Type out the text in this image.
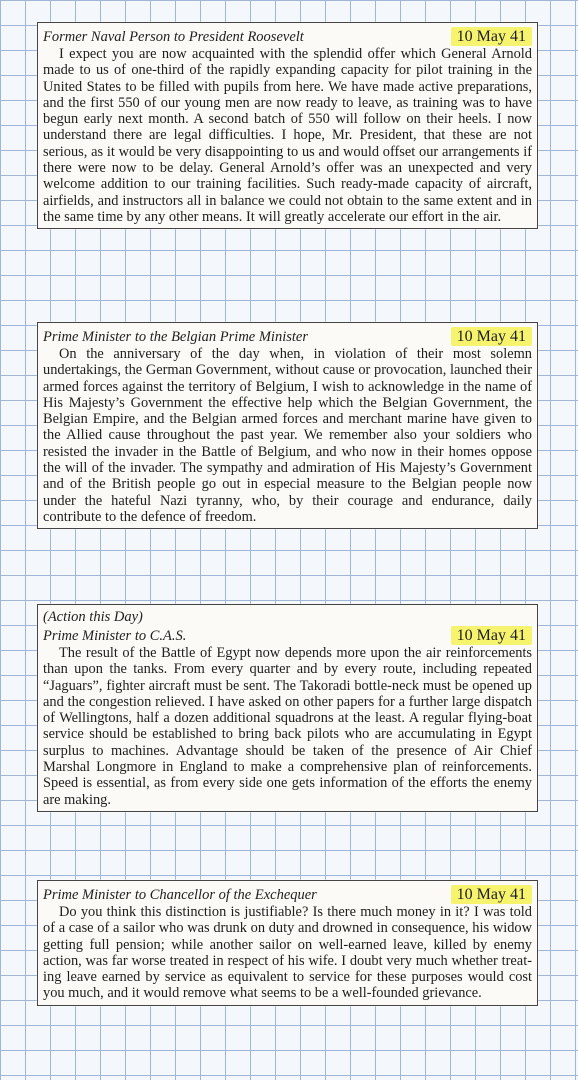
Former Naval Person to President Roosevelt	10 May 41

I expect you are now acquainted with the splendid offer which General Arnold made to us of one-third of the rapidly expanding capacity for pilot training in the United States to be filled with pupils from here. We have made active preparations, and the first 550 of our young men are now ready to leave, as training was to have begun early next month. A second batch of 550 will follow on their heels. I now understand there are legal difficulties. I hope, Mr. President, that these are not serious, as it would be very disappointing to us and would offset our arrangements if there were now to be delay. General Arnold’s offer was an unexpected and very welcome addition to our training facilities. Such ready-made capacity of aircraft, airfields, and instructors all in balance we could not obtain to the same extent and in the same time by any other means. It will greatly accelerate our effort in the air.

Prime Minister to the Belgian Prime Minister	10 May 41

On the anniversary of the day when, in violation of their most solemn undertakings, the German Government, without cause or provocation, launched their armed forces against the territory of Belgium, I wish to acknowledge in the name of His Majesty’s Government the effective help which the Belgian Government, the Belgian Empire, and the Belgian armed forces and merchant marine have given to the Allied cause throughout the past year. We remember also your soldiers who resisted the invader in the Battle of Belgium, and who now in their homes oppose the will of the invader. The sympathy and admiration of His Majesty’s Government and of the British people go out in especial measure to the Belgian people now under the hateful Nazi tyranny, who, by their courage and endurance, daily contribute to the defence of freedom.

(Action this Day)
Prime Minister to C.A.S.	10 May 41

The result of the Battle of Egypt now depends more upon the air reinforcements than upon the tanks. From every quarter and by every route, including repeated “Jaguars”, fighter aircraft must be sent. The Takoradi bottle-neck must be opened up and the congestion relieved. I have asked on other papers for a further large dispatch of Wellingtons, half a dozen additional squadrons at the least. A regular flying-boat service should be established to bring back pilots who are accumulating in Egypt surplus to machines. Advantage should be taken of the presence of Air Chief Marshal Longmore in England to make a comprehensive plan of reinforcements. Speed is essential, as from every side one gets information of the efforts the enemy are making.

Prime Minister to Chancellor of the Exchequer	10 May 41

Do you think this distinction is justifiable? Is there much money in it? I was told of a case of a sailor who was drunk on duty and drowned in consequence, his widow getting full pension; while another sailor on well-earned leave, killed by enemy action, was far worse treated in respect of his wife. I doubt very much whether treating leave earned by service as equivalent to service for these purposes would cost you much, and it would remove what seems to be a well-founded grievance.
